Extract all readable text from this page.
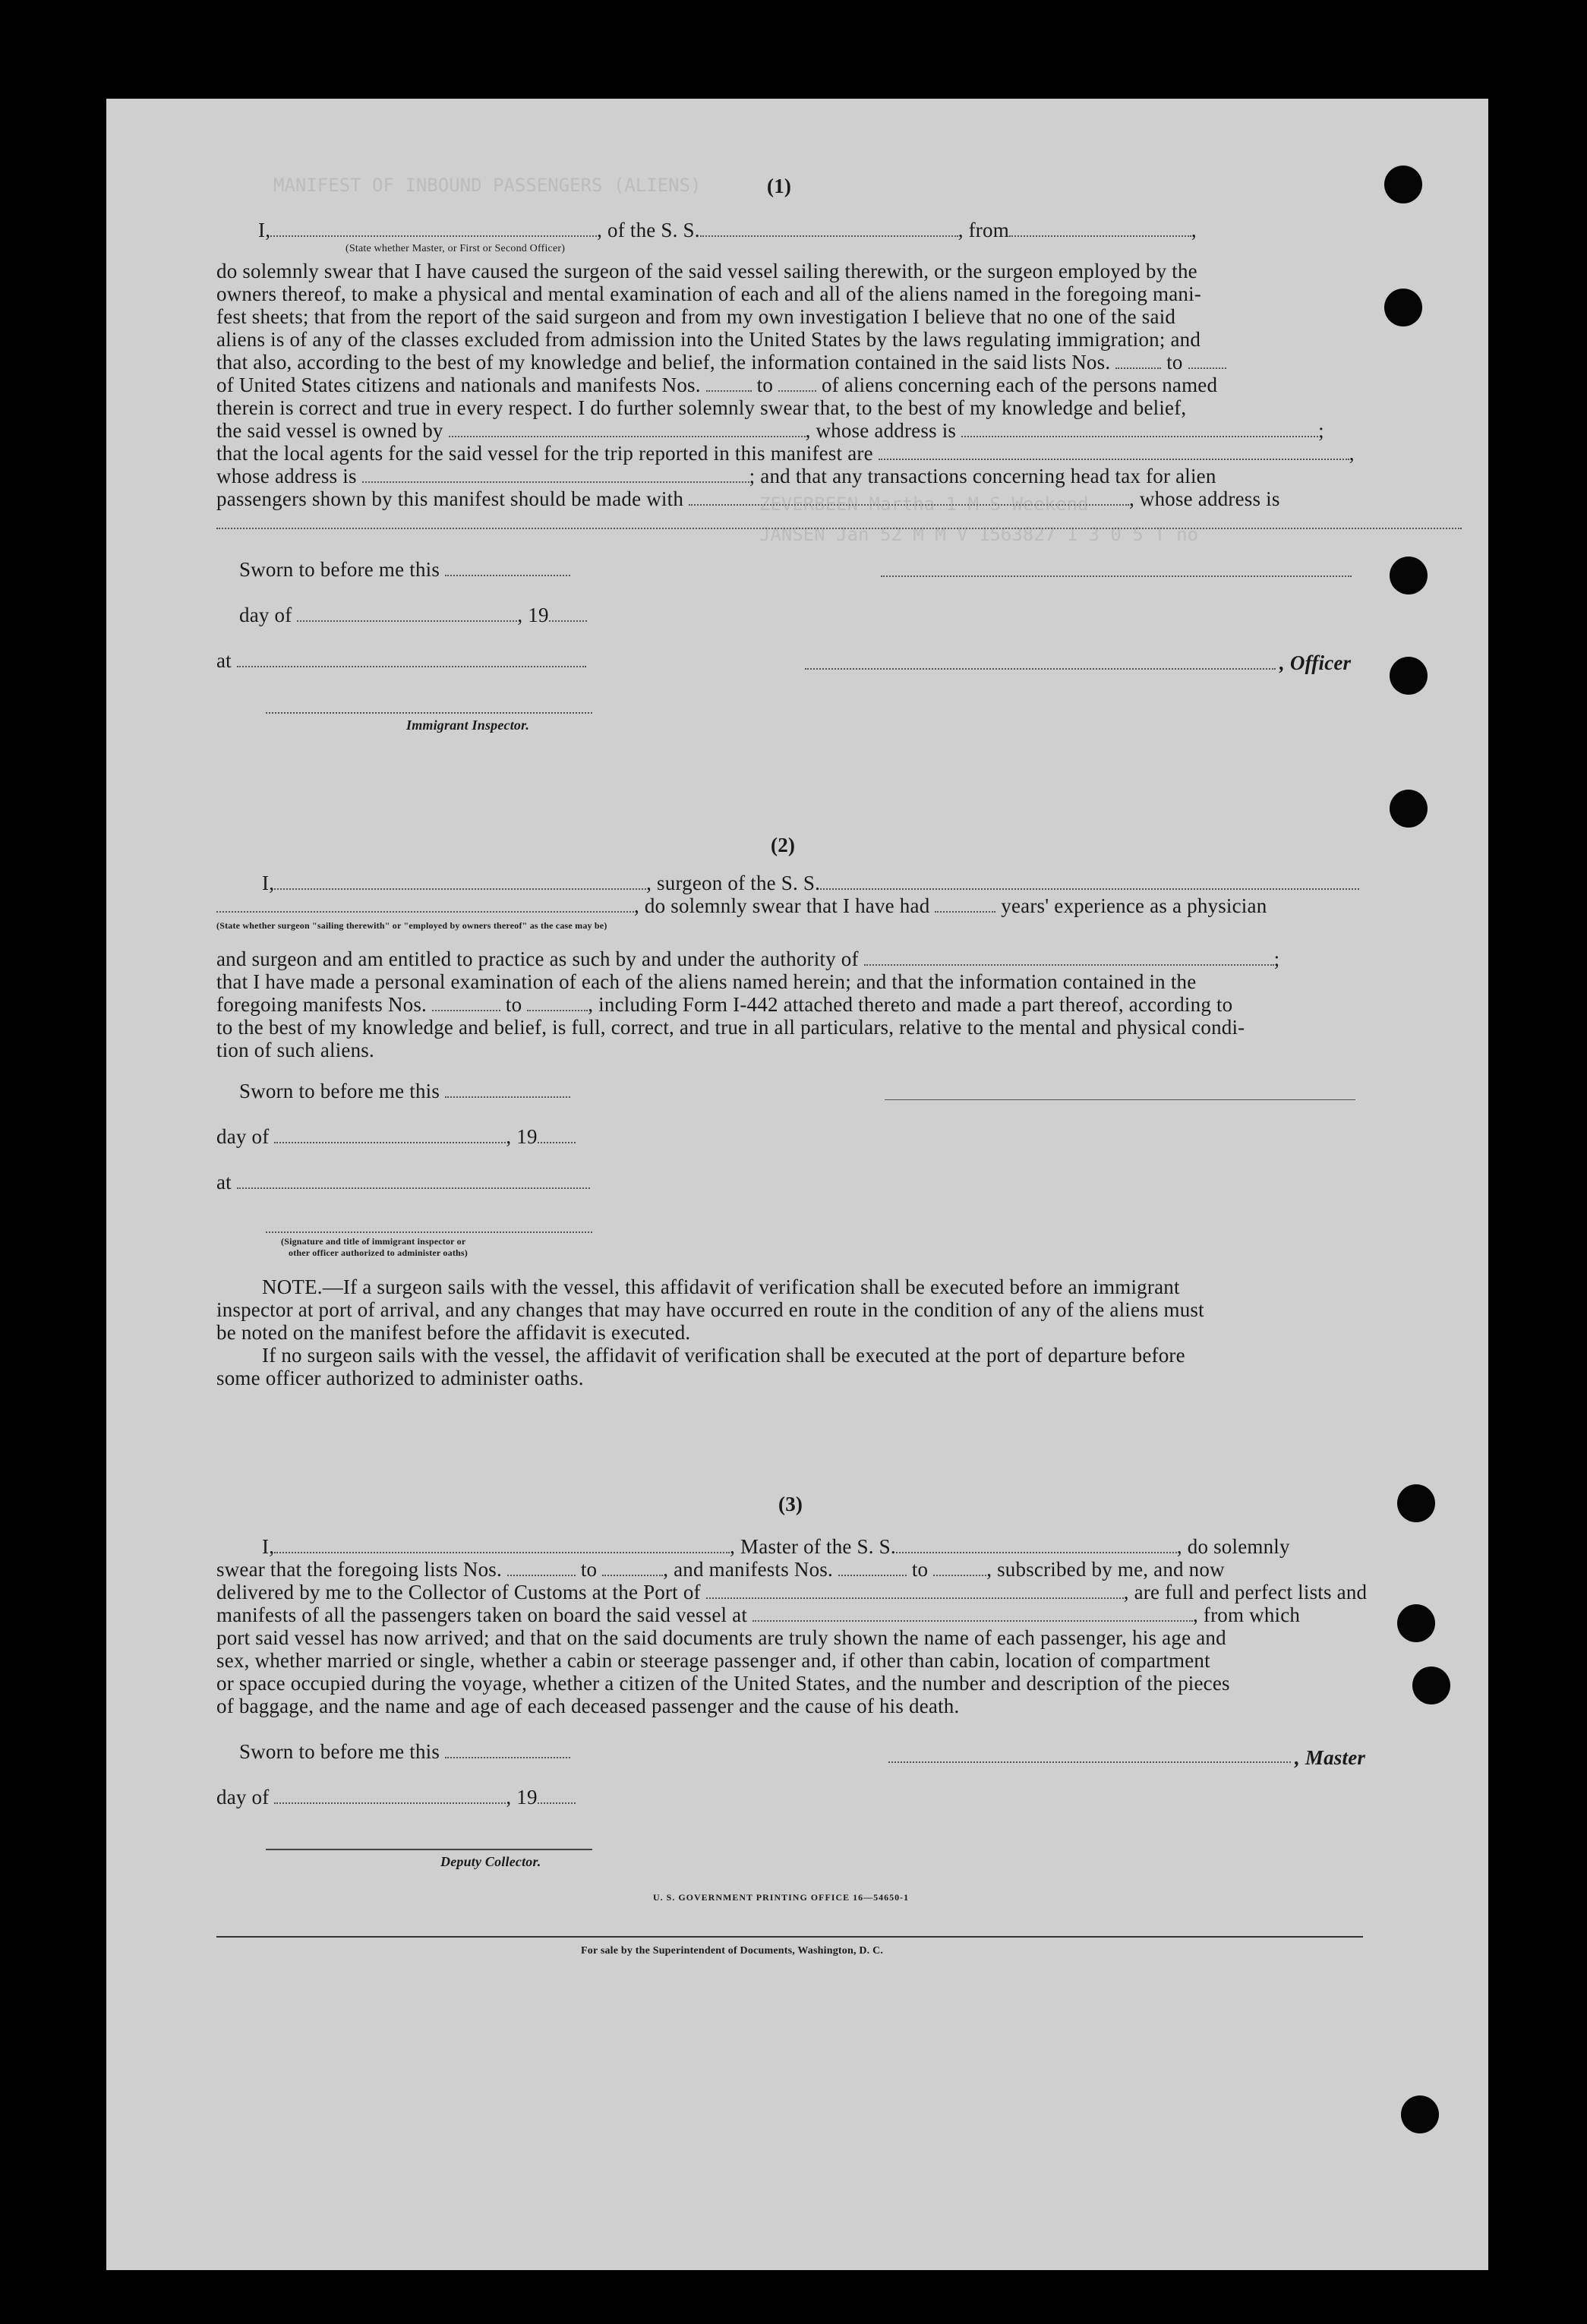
MANIFEST OF INBOUND PASSENGERS (ALIENS)
JANSEN Jan 52 M M V 1563827 1 3 0 5 T no
ZEVERBEEN Martha 1 M S Weekend
(1)
I,	, of the S. S.	, from	,
(State whether Master, or First or Second Officer)
do solemnly swear that I have caused the surgeon of the said vessel sailing therewith, or the surgeon employed by the
owners thereof, to make a physical and mental examination of each and all of the aliens named in the foregoing mani-
fest sheets; that from the report of the said surgeon and from my own investigation I believe that no one of the said
aliens is of any of the classes excluded from admission into the United States by the laws regulating immigration; and
that also, according to the best of my knowledge and belief, the information contained in the said lists Nos.	to
of United States citizens and nationals and manifests Nos.	to of aliens concerning each of the persons named
therein is correct and true in every respect. I do further solemnly swear that, to the best of my knowledge and belief,
the said vessel is owned by	, whose address is	;
that the local agents for the said vessel for the trip reported in this manifest are	,
whose address is	; and that any transactions concerning head tax for alien
passengers shown by this manifest should be made with	, whose address is
Sworn to before me this
day of	, 19
at	, Officer
Immigrant Inspector.
(2)
I,	, surgeon of the S. S.
, do solemnly swear that I have had	years' experience as a physician
(State whether surgeon "sailing therewith" or "employed by owners thereof" as the case may be)
and surgeon and am entitled to practice as such by and under the authority of	;
that I have made a personal examination of each of the aliens named herein; and that the information contained in the
foregoing manifests Nos.	to	, including Form I-442 attached thereto and made a part thereof, according to
to the best of my knowledge and belief, is full, correct, and true in all particulars, relative to the mental and physical condi-
tion of such aliens.
Sworn to before me this
day of	, 19
at
(Signature and title of immigrant inspector or
other officer authorized to administer oaths)
NOTE.—If a surgeon sails with the vessel, this affidavit of verification shall be executed before an immigrant
inspector at port of arrival, and any changes that may have occurred en route in the condition of any of the aliens must
be noted on the manifest before the affidavit is executed.
If no surgeon sails with the vessel, the affidavit of verification shall be executed at the port of departure before
some officer authorized to administer oaths.
(3)
I,	, Master of the S. S.	, do solemnly
swear that the foregoing lists Nos.	to	, and manifests Nos.	to	, subscribed by me, and now
delivered by me to the Collector of Customs at the Port of	, are full and perfect lists and
manifests of all the passengers taken on board the said vessel at	, from which
port said vessel has now arrived; and that on the said documents are truly shown the name of each passenger, his age and
sex, whether married or single, whether a cabin or steerage passenger and, if other than cabin, location of compartment
or space occupied during the voyage, whether a citizen of the United States, and the number and description of the pieces
of baggage, and the name and age of each deceased passenger and the cause of his death.
Sworn to before me this	, Master
day of	, 19
Deputy Collector.
U. S. GOVERNMENT PRINTING OFFICE 16—54650-1
For sale by the Superintendent of Documents, Washington, D. C.
